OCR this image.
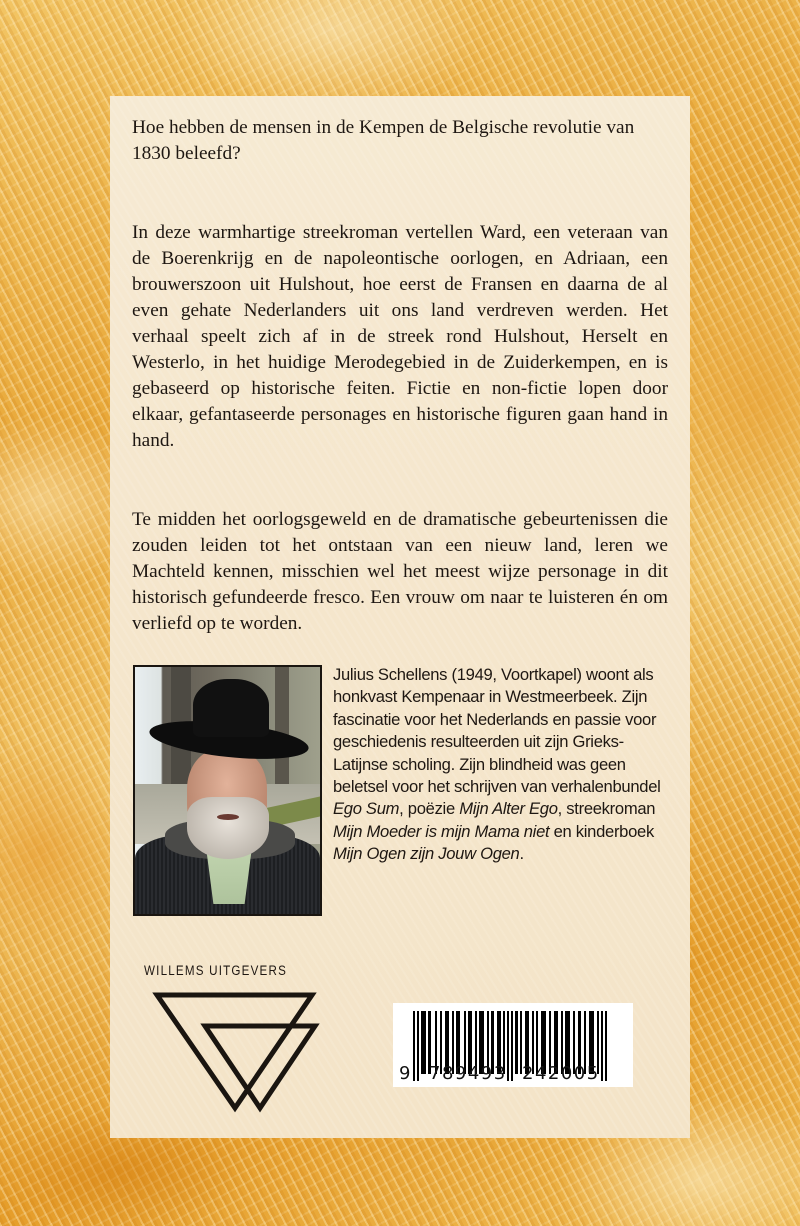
Hoe hebben de mensen in de Kempen de Belgische revolutie van 1830 beleefd?

In deze warmhartige streekroman vertellen Ward, een veteraan van de Boerenkrijg en de napoleontische oorlogen, en Adriaan, een brouwerszoon uit Hulshout, hoe eerst de Fransen en daarna de al even gehate Nederlanders uit ons land verdreven werden. Het verhaal speelt zich af in de streek rond Hulshout, Herselt en Westerlo, in het huidige Merodegebied in de Zuiderkempen, en is gebaseerd op historische feiten. Fictie en non-fictie lopen door elkaar, gefantaseerde personages en historische figuren gaan hand in hand.

Te midden het oorlogsgeweld en de dramatische gebeurtenissen die zouden leiden tot het ontstaan van een nieuw land, leren we Machteld kennen, misschien wel het meest wijze personage in dit historisch gefundeerde fresco. Een vrouw om naar te luisteren én om verliefd op te worden.

Julius Schellens (1949, Voortkapel) woont als honkvast Kempenaar in Westmeerbeek. Zijn fascinatie voor het Nederlands en passie voor geschiedenis resulteerden uit zijn Grieks-Latijnse scholing. Zijn blindheid was geen beletsel voor het schrijven van verhalenbundel Ego Sum, poëzie Mijn Alter Ego, streekroman Mijn Moeder is mijn Mama niet en kinderboek Mijn Ogen zijn Jouw Ogen.

WILLEMS UITGEVERS
9 789493 242005
